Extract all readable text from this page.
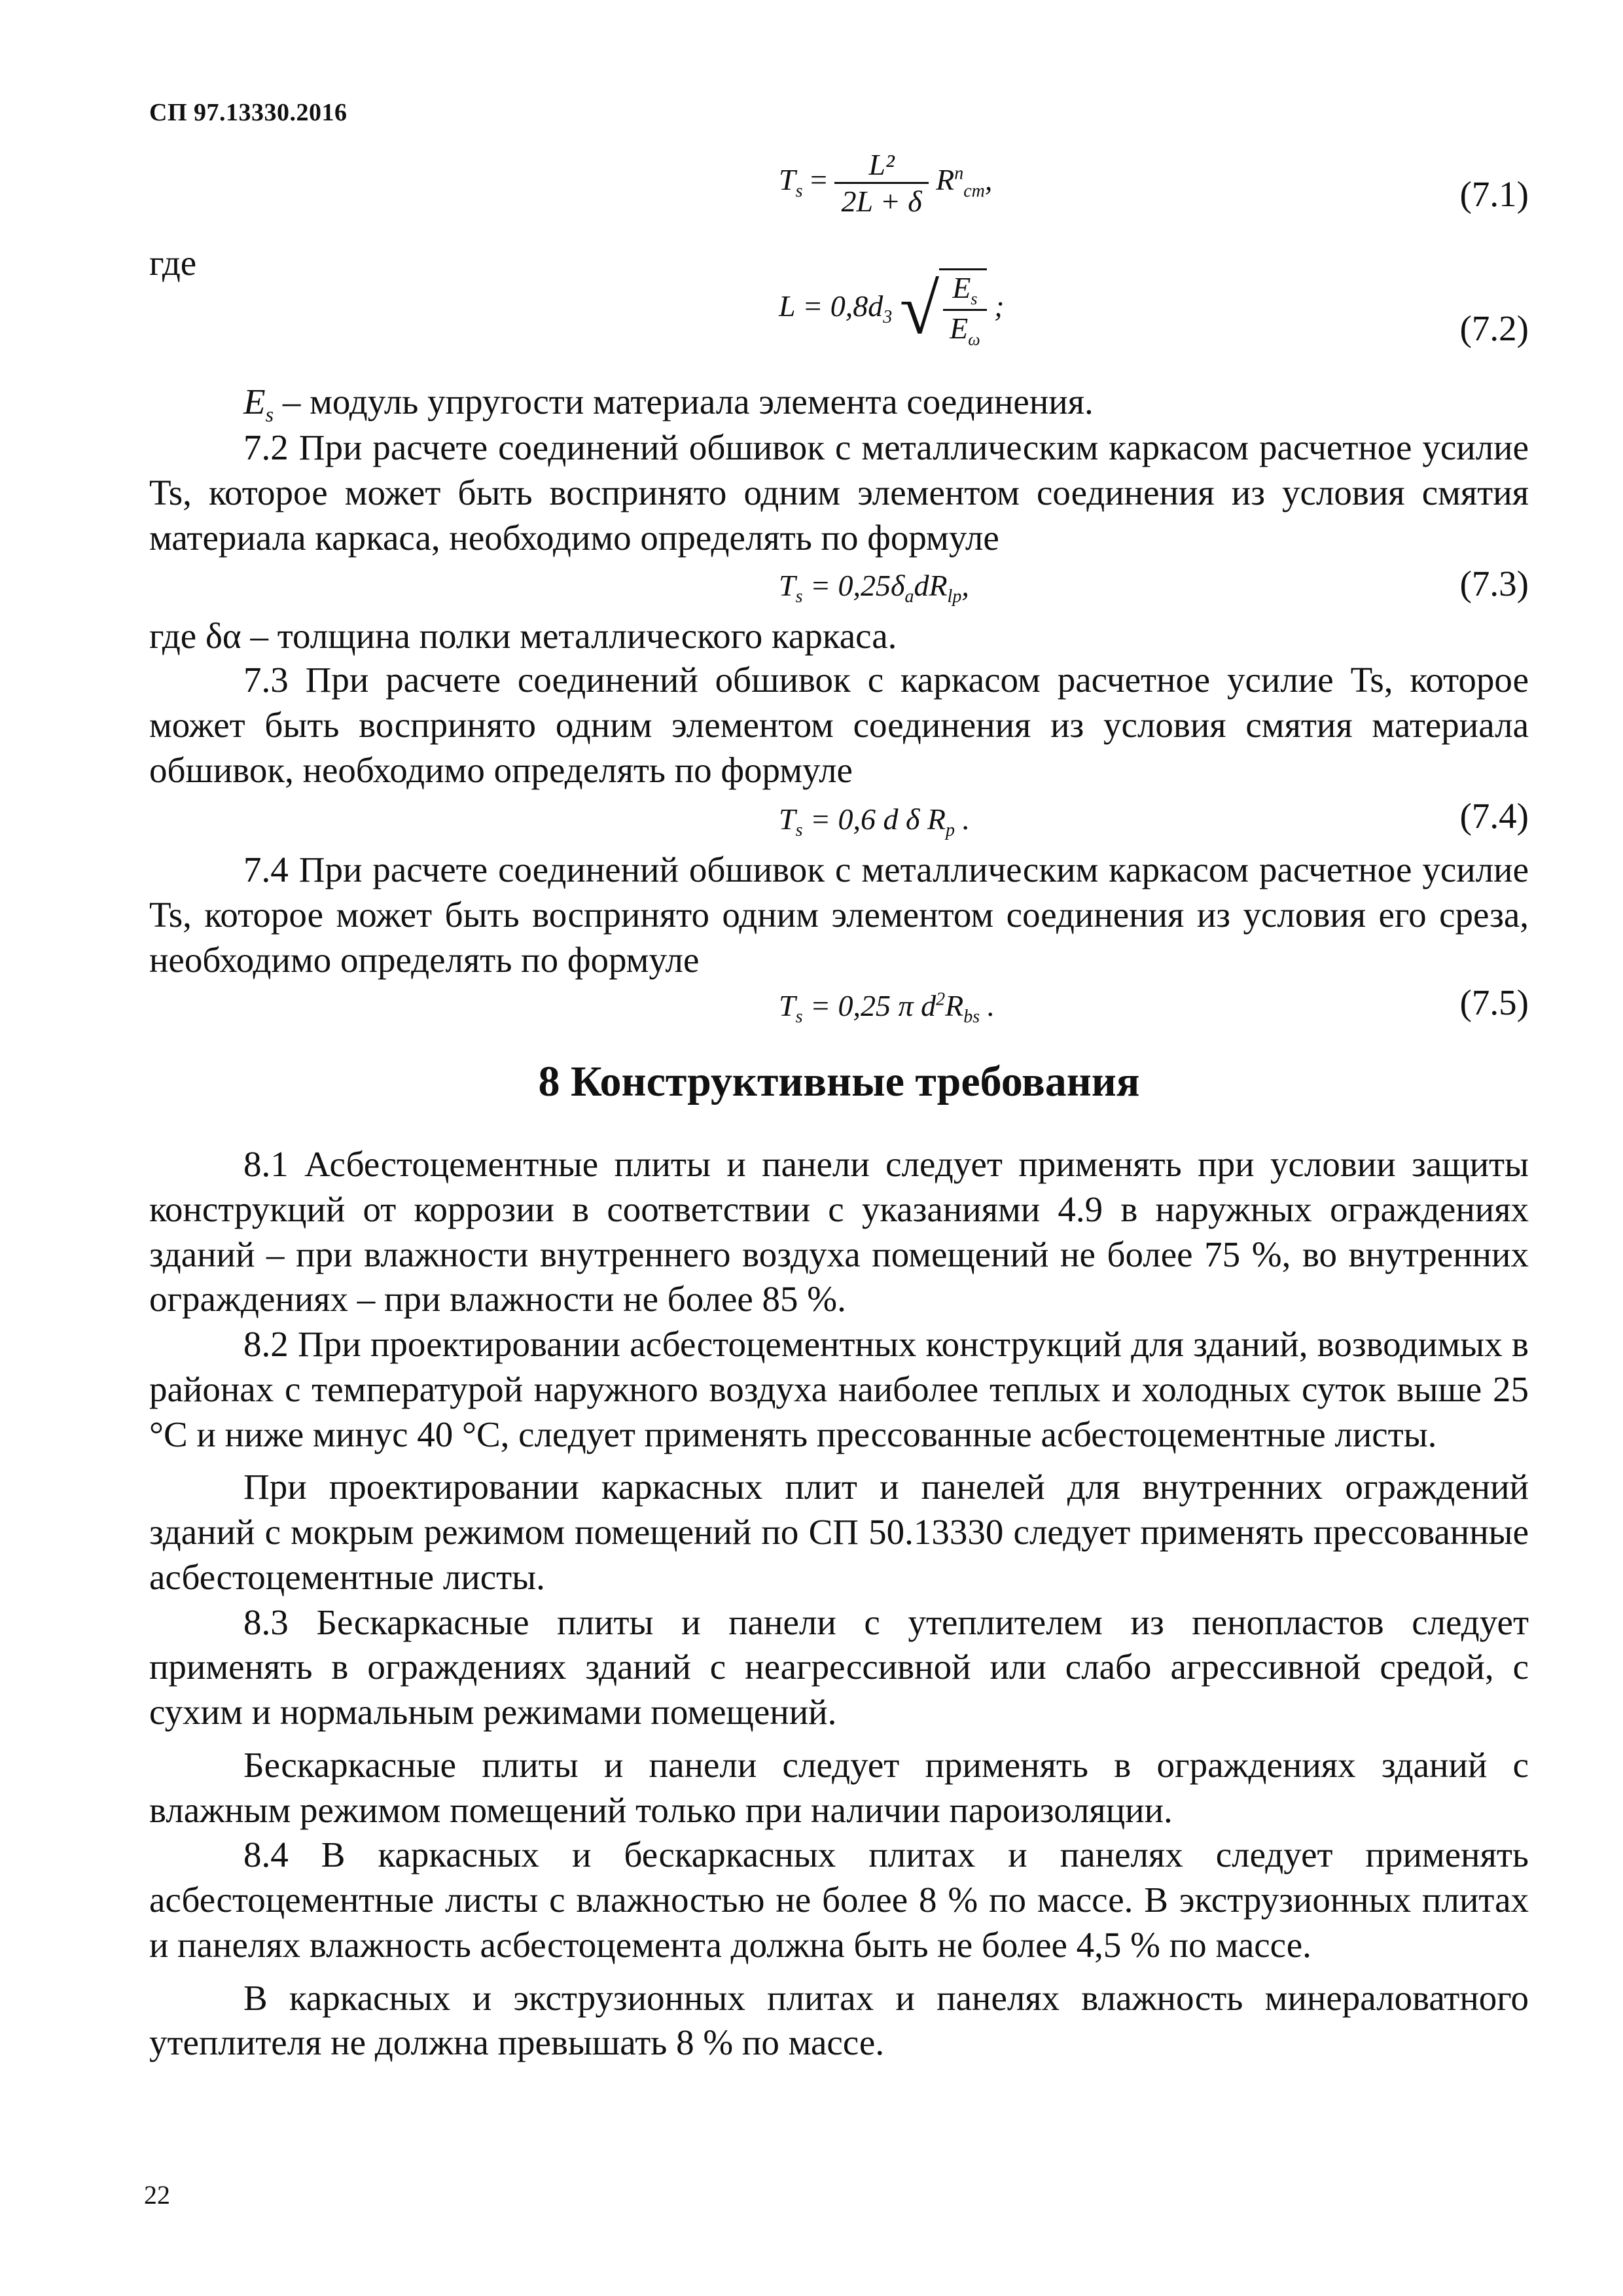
СП 97.13330.2016
$T_s = \frac{\text{L²}}{2L + \delta} R^n_{cm}$,	(7.1)
где
$L = 0,8d_3$ √ $\frac{E_s}{E_\omega}$ ;
(7.2)

$E_s$ – модуль упругости материала элемента соединения.

7.2 При расчете соединений обшивок с металлическим каркасом расчетное усилие Ts, которое может быть воспринято одним элементом соединения из условия смятия материала каркаса, необходимо определять по формуле

$T_s = 0,25\delta_adR_{lp}$,	(7.3)
где δα – толщина полки металлического каркаса.

7.3 При расчете соединений обшивок с каркасом расчетное усилие Ts, которое может быть воспринято одним элементом соединения из условия смятия материала обшивок, необходимо определять по формуле

$T_s = 0,6$ d δ $R_p$ .	(7.4)

7.4 При расчете соединений обшивок с металлическим каркасом расчетное усилие Ts, которое может быть воспринято одним элементом соединения из условия его среза, необходимо определять по формуле

$T_s = 0,25$ π $d^2R_{bs}$ .	(7.5)
8 Конструктивные требования

8.1 Асбестоцементные плиты и панели следует применять при условии защиты конструкций от коррозии в соответствии с указаниями 4.9 в наружных ограждениях зданий – при влажности внутреннего воздуха помещений не более 75 %, во внутренних ограждениях – при влажности не более 85 %.

8.2 При проектировании асбестоцементных конструкций для зданий, возводимых в районах с температурой наружного воздуха наиболее теплых и холодных суток выше 25 °С и ниже минус 40 °С, следует применять прессованные асбестоцементные листы.

При проектировании каркасных плит и панелей для внутренних ограждений зданий с мокрым режимом помещений по СП 50.13330 следует применять прессованные асбестоцементные листы.

8.3 Бескаркасные плиты и панели с утеплителем из пенопластов следует применять в ограждениях зданий с неагрессивной или слабо агрессивной средой, с сухим и нормальным режимами помещений.

Бескаркасные плиты и панели следует применять в ограждениях зданий с влажным режимом помещений только при наличии пароизоляции.

8.4 В каркасных и бескаркасных плитах и панелях следует применять асбестоцементные листы с влажностью не более 8 % по массе. В экструзионных плитах и панелях влажность асбестоцемента должна быть не более 4,5 % по массе.

В каркасных и экструзионных плитах и панелях влажность минераловатного утеплителя не должна превышать 8 % по массе.

22
